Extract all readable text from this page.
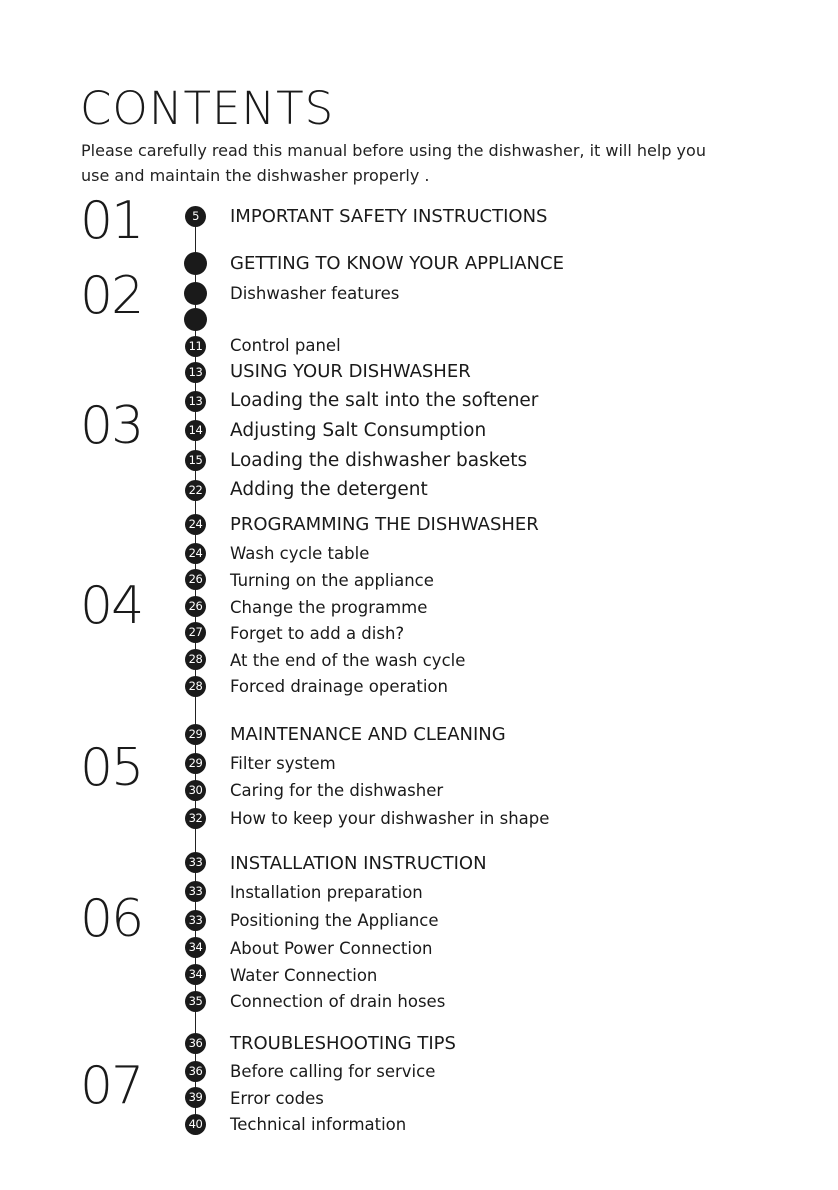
CONTENTS
Please carefully read this manual before using the dishwasher, it will help you
use and maintain the dishwasher properly .
01	5	IMPORTANT SAFETY INSTRUCTIONS
02
GETTING TO KNOW YOUR APPLIANCE
Dishwasher features
11 Control panel
03
13 USING YOUR DISHWASHER
13 Loading the salt into the softener
14 Adjusting Salt Consumption
15 Loading the dishwasher baskets
22 Adding the detergent
04
24 PROGRAMMING THE DISHWASHER
24 Wash cycle table
26 Turning on the appliance
26 Change the programme
27 Forget to add a dish?
28 At the end of the wash cycle
28 Forced drainage operation
05
29 MAINTENANCE AND CLEANING
29 Filter system
30 Caring for the dishwasher
32 How to keep your dishwasher in shape
06
33 INSTALLATION INSTRUCTION
33 Installation preparation
33 Positioning the Appliance
34 About Power Connection
34 Water Connection
35 Connection of drain hoses
07
36 TROUBLESHOOTING TIPS
36 Before calling for service
39 Error codes
40 Technical information
